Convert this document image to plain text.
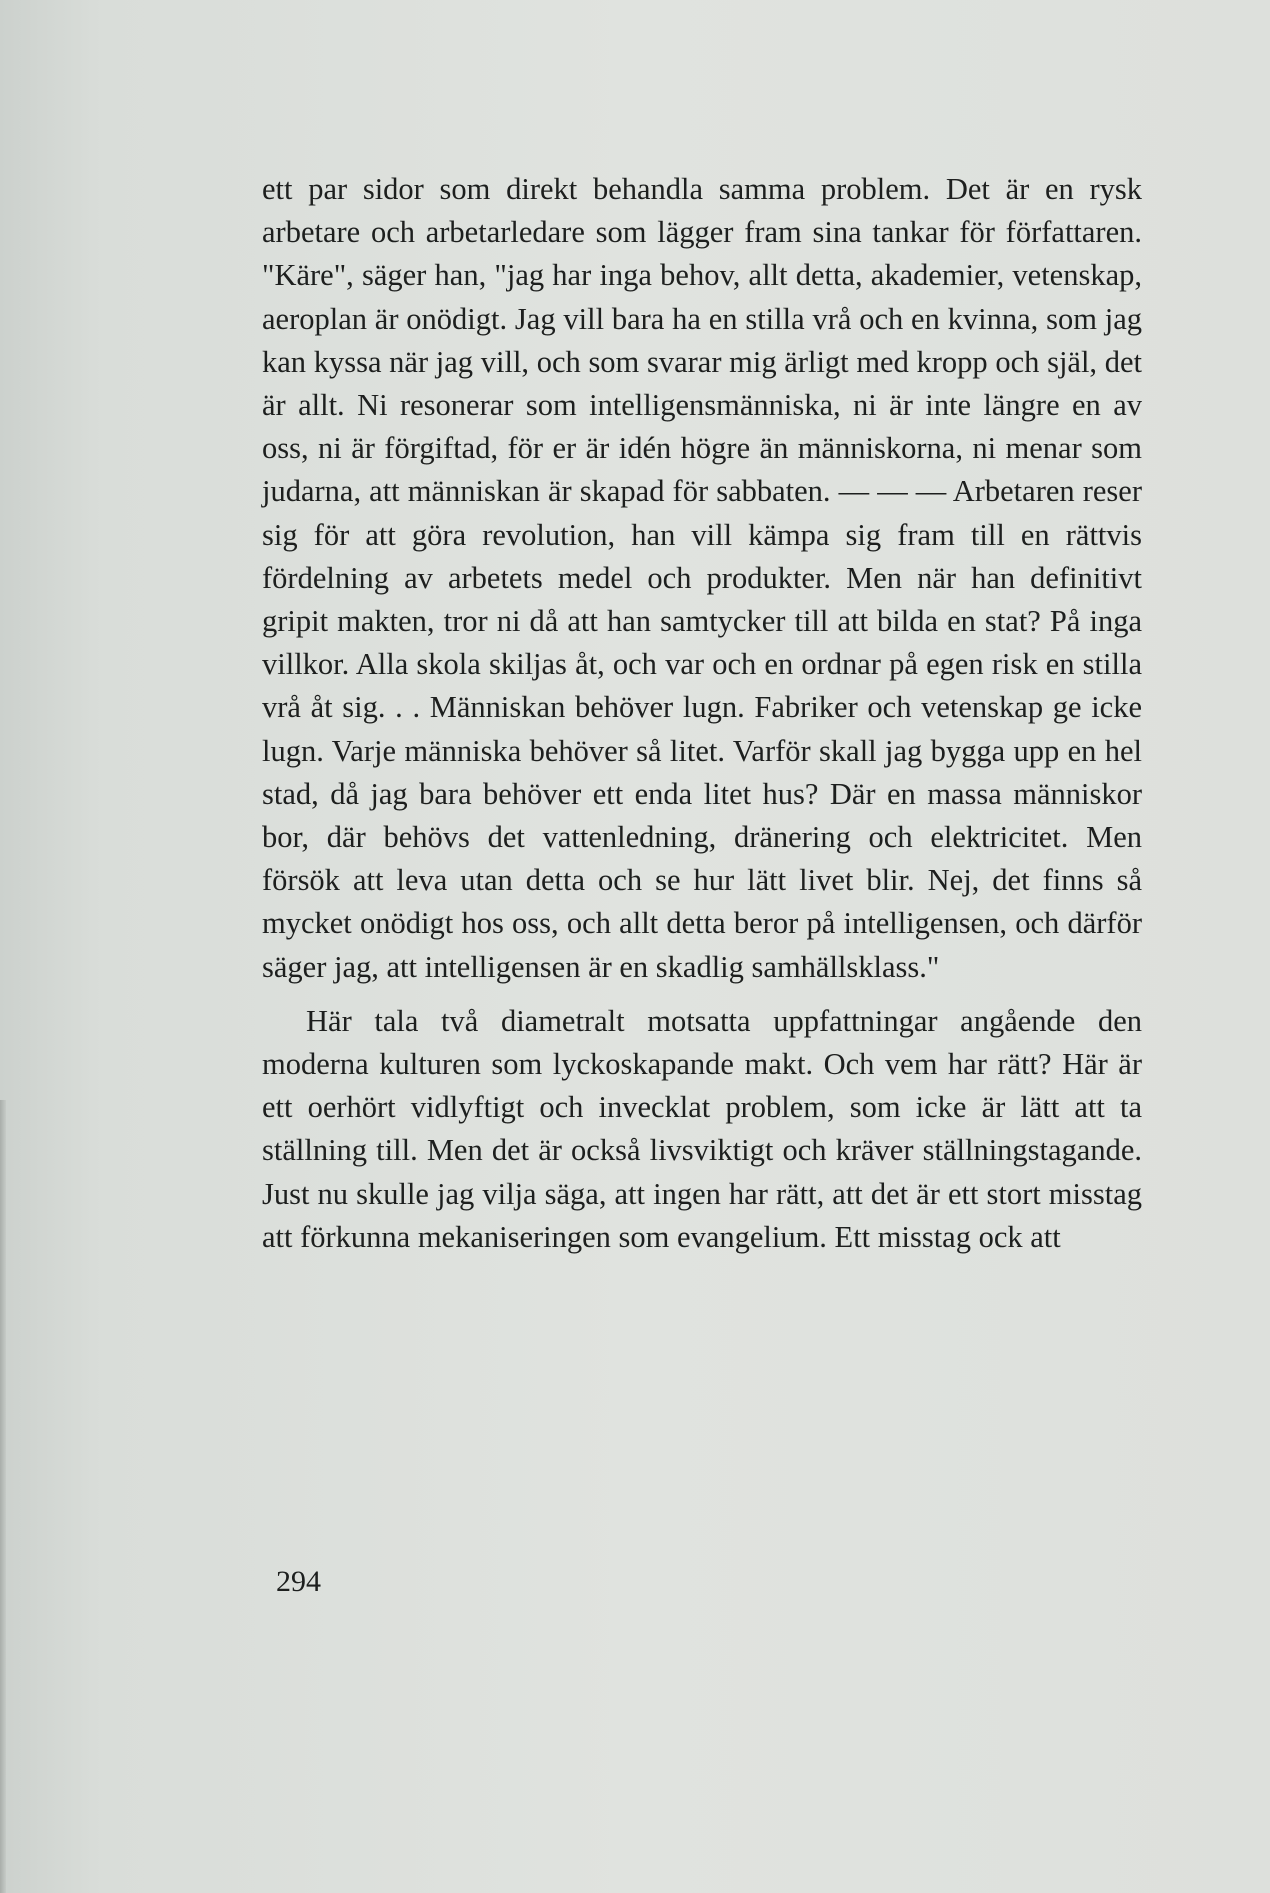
ett par sidor som direkt behandla samma problem. Det är en rysk arbetare och arbetarledare som lägger fram sina tankar för författaren. "Käre", säger han, "jag har inga behov, allt detta, akademier, vetenskap, aeroplan är onödigt. Jag vill bara ha en stilla vrå och en kvinna, som jag kan kyssa när jag vill, och som svarar mig ärligt med kropp och själ, det är allt. Ni resonerar som intelligensmänniska, ni är inte längre en av oss, ni är förgiftad, för er är idén högre än människorna, ni menar som judarna, att människan är skapad för sabbaten. — — — Arbetaren reser sig för att göra revolution, han vill kämpa sig fram till en rättvis fördelning av arbetets medel och produkter. Men när han definitivt gripit makten, tror ni då att han samtycker till att bilda en stat? På inga villkor. Alla skola skiljas åt, och var och en ordnar på egen risk en stilla vrå åt sig. . . Människan behöver lugn. Fabriker och vetenskap ge icke lugn. Varje människa behöver så litet. Varför skall jag bygga upp en hel stad, då jag bara behöver ett enda litet hus? Där en massa människor bor, där behövs det vattenledning, dränering och elektricitet. Men försök att leva utan detta och se hur lätt livet blir. Nej, det finns så mycket onödigt hos oss, och allt detta beror på intelligensen, och därför säger jag, att intelligensen är en skadlig samhällsklass."

Här tala två diametralt motsatta uppfattningar angående den moderna kulturen som lyckoskapande makt. Och vem har rätt? Här är ett oerhört vidlyftigt och invecklat problem, som icke är lätt att ta ställning till. Men det är också livsviktigt och kräver ställningstagande. Just nu skulle jag vilja säga, att ingen har rätt, att det är ett stort misstag att förkunna mekaniseringen som evangelium. Ett misstag ock att

294
